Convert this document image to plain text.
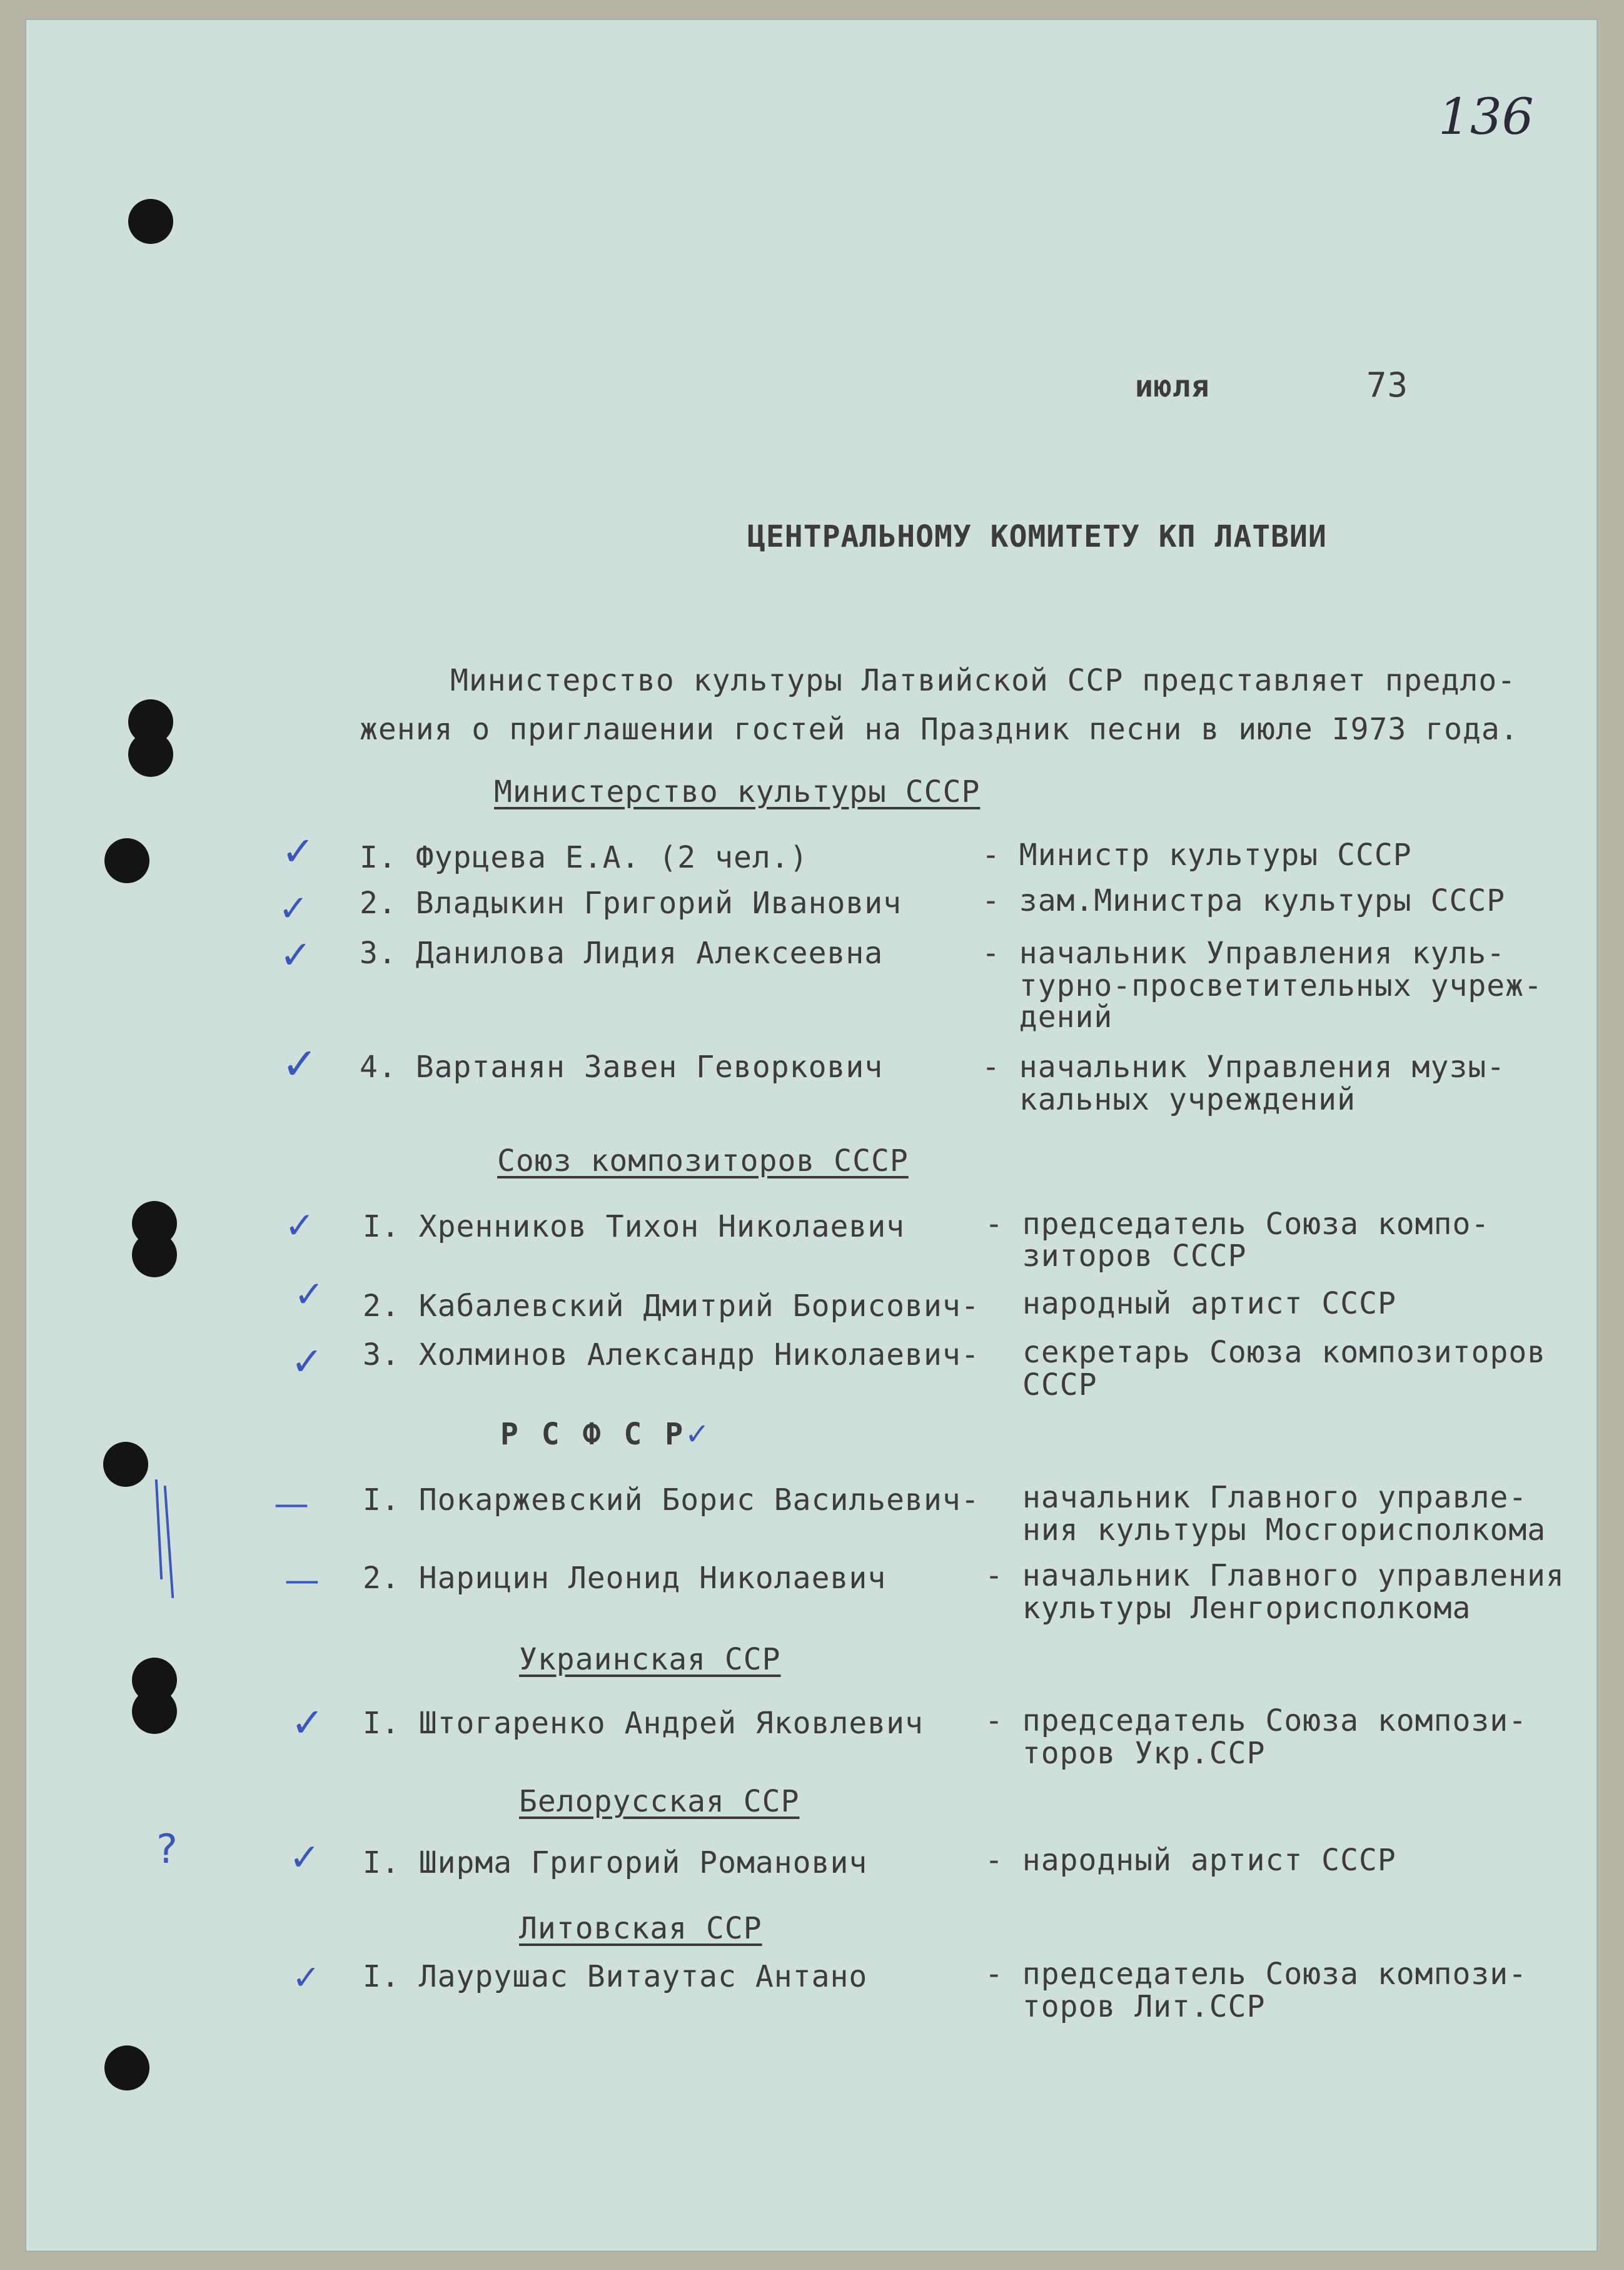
136
июля	73
ЦЕНТРАЛЬНОМУ КОМИТЕТУ КП ЛАТВИИ
Министерство культуры Латвийской ССР представляет предло-
жения о приглашении гостей на Праздник песни в июле I973 года.
Министерство культуры СССР
I. Фурцева Е.А. (2 чел.)	- Министр культуры СССР
2. Владыкин Григорий Иванович	- зам.Министра культуры СССР
3. Данилова Лидия Алексеевна	- начальник Управления куль-
турно-просветительных учреж-
дений
4. Вартанян Завен Геворкович	- начальник Управления музы-
кальных учреждений
Союз композиторов СССР
I. Хренников Тихон Николаевич	- председатель Союза компо-
зиторов СССР
2. Кабалевский Дмитрий Борисович- народный артист СССР
3. Холминов Александр Николаевич- секретарь Союза композиторов
СССР
Р С Ф С Р
I. Покаржевский Борис Васильевич- начальник Главного управле-
ния культуры Мосгорисполкома
2. Нарицин Леонид Николаевич	- начальник Главного управления
культуры Ленгорисполкома
Украинская ССР
I. Штогаренко Андрей Яковлевич - председатель Союза компози-
торов Укр.ССР
Белорусская ССР
I. Ширма Григорий Романович	- народный артист СССР
Литовская ССР
I. Лаурушас Витаутас Антано	- председатель Союза компози-
торов Лит.ССР
✓
✓
✓
✓
✓
✓
✓
✓
—
—
✓
?	✓
✓
